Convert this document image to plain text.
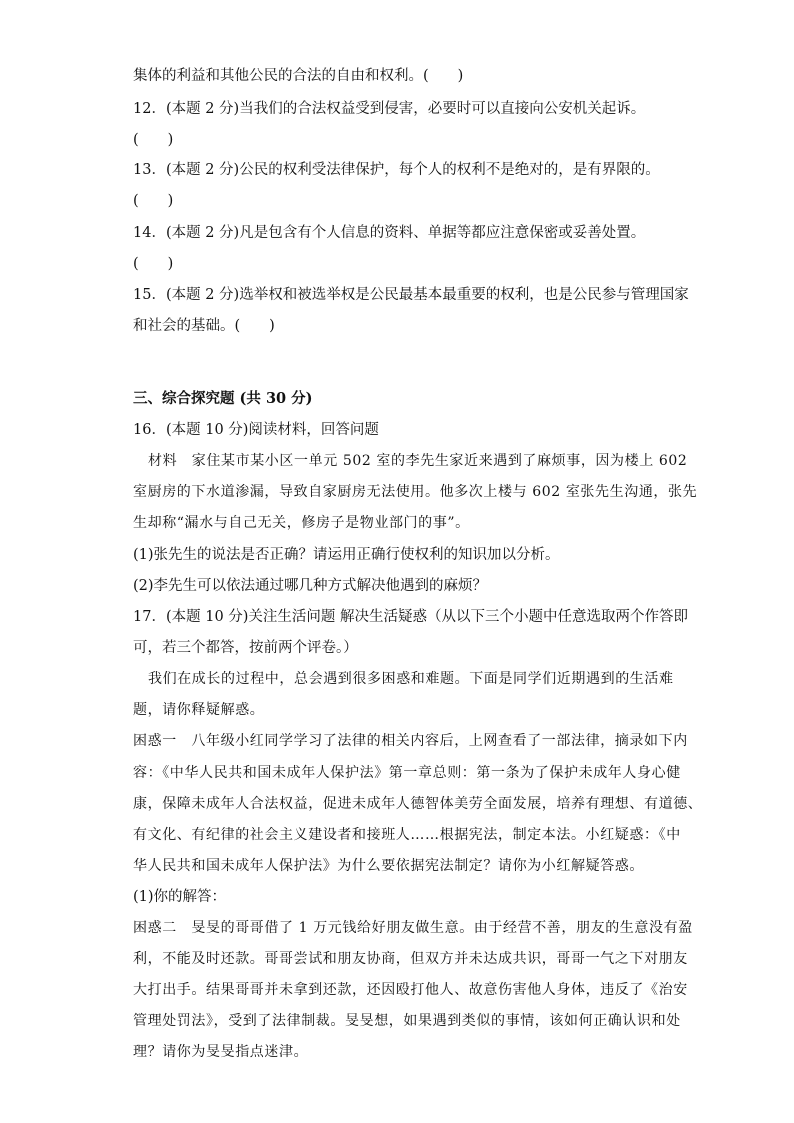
集体的利益和其他公民的合法的自由和权利。(　　)
12．(本题 2 分)当我们的合法权益受到侵害，必要时可以直接向公安机关起诉。
(　　)
13．(本题 2 分)公民的权利受法律保护，每个人的权利不是绝对的，是有界限的。
(　　)
14．(本题 2 分)凡是包含有个人信息的资料、单据等都应注意保密或妥善处置。
(　　)
15．(本题 2 分)选举权和被选举权是公民最基本最重要的权利，也是公民参与管理国家
和社会的基础。(　　)
三、综合探究题 (共 30 分)
16．(本题 10 分)阅读材料，回答问题
材料　家住某市某小区一单元 502 室的李先生家近来遇到了麻烦事，因为楼上 602
室厨房的下水道渗漏，导致自家厨房无法使用。他多次上楼与 602 室张先生沟通，张先
生却称“漏水与自己无关，修房子是物业部门的事”。
(1)张先生的说法是否正确？请运用正确行使权利的知识加以分析。
(2)李先生可以依法通过哪几种方式解决他遇到的麻烦？
17．(本题 10 分)关注生活问题 解决生活疑惑（从以下三个小题中任意选取两个作答即
可，若三个都答，按前两个评卷。）
我们在成长的过程中，总会遇到很多困惑和难题。下面是同学们近期遇到的生活难
题，请你释疑解惑。
困惑一　八年级小红同学学习了法律的相关内容后，上网查看了一部法律，摘录如下内
容：《中华人民共和国未成年人保护法》第一章总则：第一条为了保护未成年人身心健
康，保障未成年人合法权益，促进未成年人德智体美劳全面发展，培养有理想、有道德、
有文化、有纪律的社会主义建设者和接班人……根据宪法，制定本法。小红疑惑：《中
华人民共和国未成年人保护法》为什么要依据宪法制定？请你为小红解疑答惑。
(1)你的解答：
困惑二　旻旻的哥哥借了 1 万元钱给好朋友做生意。由于经营不善，朋友的生意没有盈
利，不能及时还款。哥哥尝试和朋友协商，但双方并未达成共识，哥哥一气之下对朋友
大打出手。结果哥哥并未拿到还款，还因殴打他人、故意伤害他人身体，违反了《治安
管理处罚法》，受到了法律制裁。旻旻想，如果遇到类似的事情，该如何正确认识和处
理？请你为旻旻指点迷津。
